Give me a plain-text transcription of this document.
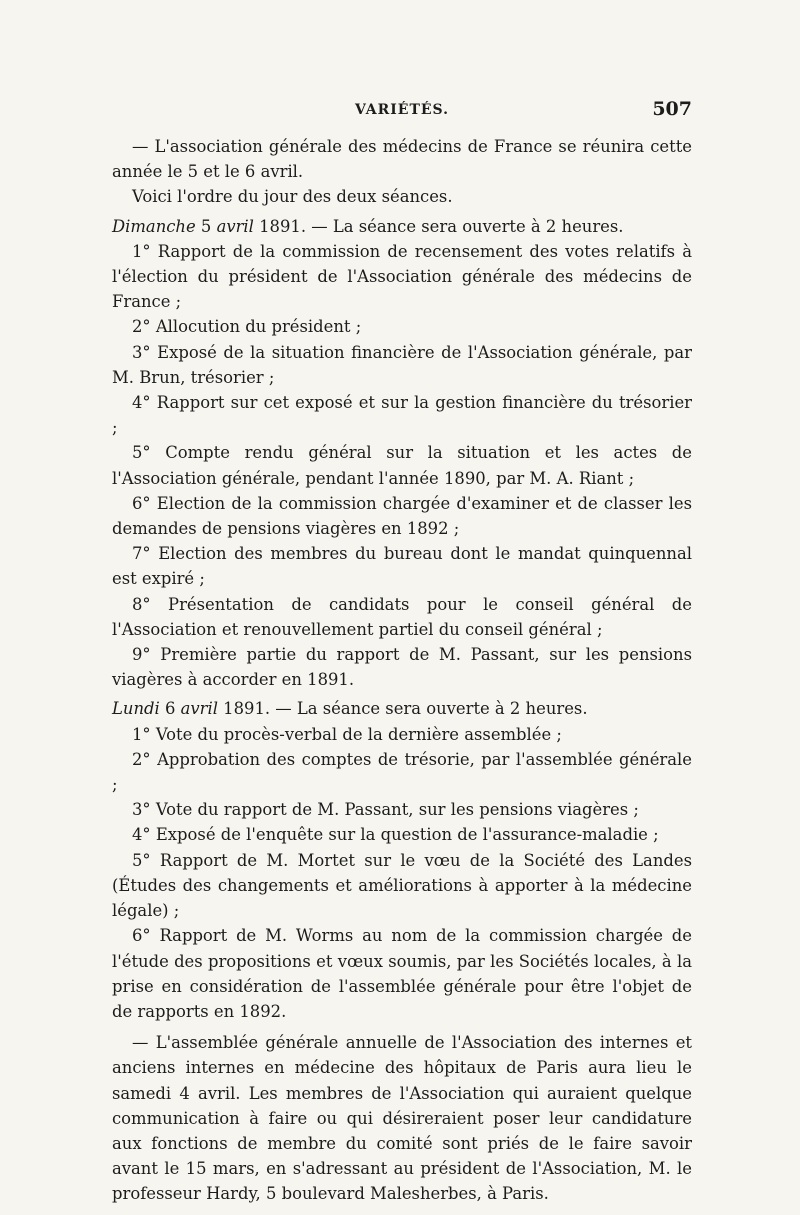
VARIÉTÉS.	507

— L'association générale des médecins de France se réunira cette année le 5 et le 6 avril.

Voici l'ordre du jour des deux séances.

Dimanche 5 avril 1891. — La séance sera ouverte à 2 heures.

1° Rapport de la commission de recensement des votes relatifs à l'élection du président de l'Association générale des médecins de France ;

2° Allocution du président ;

3° Exposé de la situation financière de l'Association générale, par M. Brun, trésorier ;

4° Rapport sur cet exposé et sur la gestion financière du trésorier ;

5° Compte rendu général sur la situation et les actes de l'Association générale, pendant l'année 1890, par M. A. Riant ;

6° Election de la commission chargée d'examiner et de classer les demandes de pensions viagères en 1892 ;

7° Election des membres du bureau dont le mandat quinquennal est expiré ;

8° Présentation de candidats pour le conseil général de l'Association et renouvellement partiel du conseil général ;

9° Première partie du rapport de M. Passant, sur les pensions viagères à accorder en 1891.

Lundi 6 avril 1891. — La séance sera ouverte à 2 heures.

1° Vote du procès-verbal de la dernière assemblée ;

2° Approbation des comptes de trésorie, par l'assemblée générale ;

3° Vote du rapport de M. Passant, sur les pensions viagères ;

4° Exposé de l'enquête sur la question de l'assurance-maladie ;

5° Rapport de M. Mortet sur le vœu de la Société des Landes (Études des changements et améliorations à apporter à la médecine légale) ;

6° Rapport de M. Worms au nom de la commission chargée de l'étude des propositions et vœux soumis, par les Sociétés locales, à la prise en considération de l'assemblée générale pour être l'objet de de rapports en 1892.

— L'assemblée générale annuelle de l'Association des internes et anciens internes en médecine des hôpitaux de Paris aura lieu le samedi 4 avril. Les membres de l'Association qui auraient quelque communication à faire ou qui désireraient poser leur candidature aux fonctions de membre du comité sont priés de le faire savoir avant le 15 mars, en s'adressant au président de l'Association, M. le professeur Hardy, 5 boulevard Malesherbes, à Paris.
